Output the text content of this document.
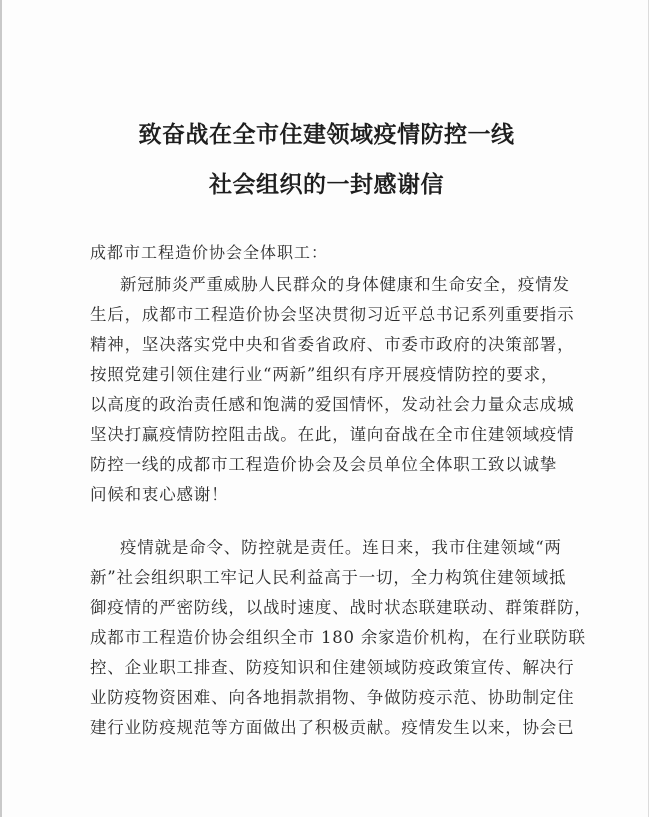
致奋战在全市住建领域疫情防控一线
社会组织的一封感谢信
成都市工程造价协会全体职工：
新冠肺炎严重威胁人民群众的身体健康和生命安全，疫情发
生后，成都市工程造价协会坚决贯彻习近平总书记系列重要指示
精神，坚决落实党中央和省委省政府、市委市政府的决策部署，
按照党建引领住建行业“两新”组织有序开展疫情防控的要求，
以高度的政治责任感和饱满的爱国情怀，发动社会力量众志成城
坚决打赢疫情防控阻击战。在此，谨向奋战在全市住建领域疫情
防控一线的成都市工程造价协会及会员单位全体职工致以诚挚
问候和衷心感谢！
疫情就是命令、防控就是责任。连日来，我市住建领域“两
新”社会组织职工牢记人民利益高于一切，全力构筑住建领域抵
御疫情的严密防线，以战时速度、战时状态联建联动、群策群防，
成都市工程造价协会组织全市 180 余家造价机构，在行业联防联
控、企业职工排查、防疫知识和住建领域防疫政策宣传、解决行
业防疫物资困难、向各地捐款捐物、争做防疫示范、协助制定住
建行业防疫规范等方面做出了积极贡献。疫情发生以来，协会已
